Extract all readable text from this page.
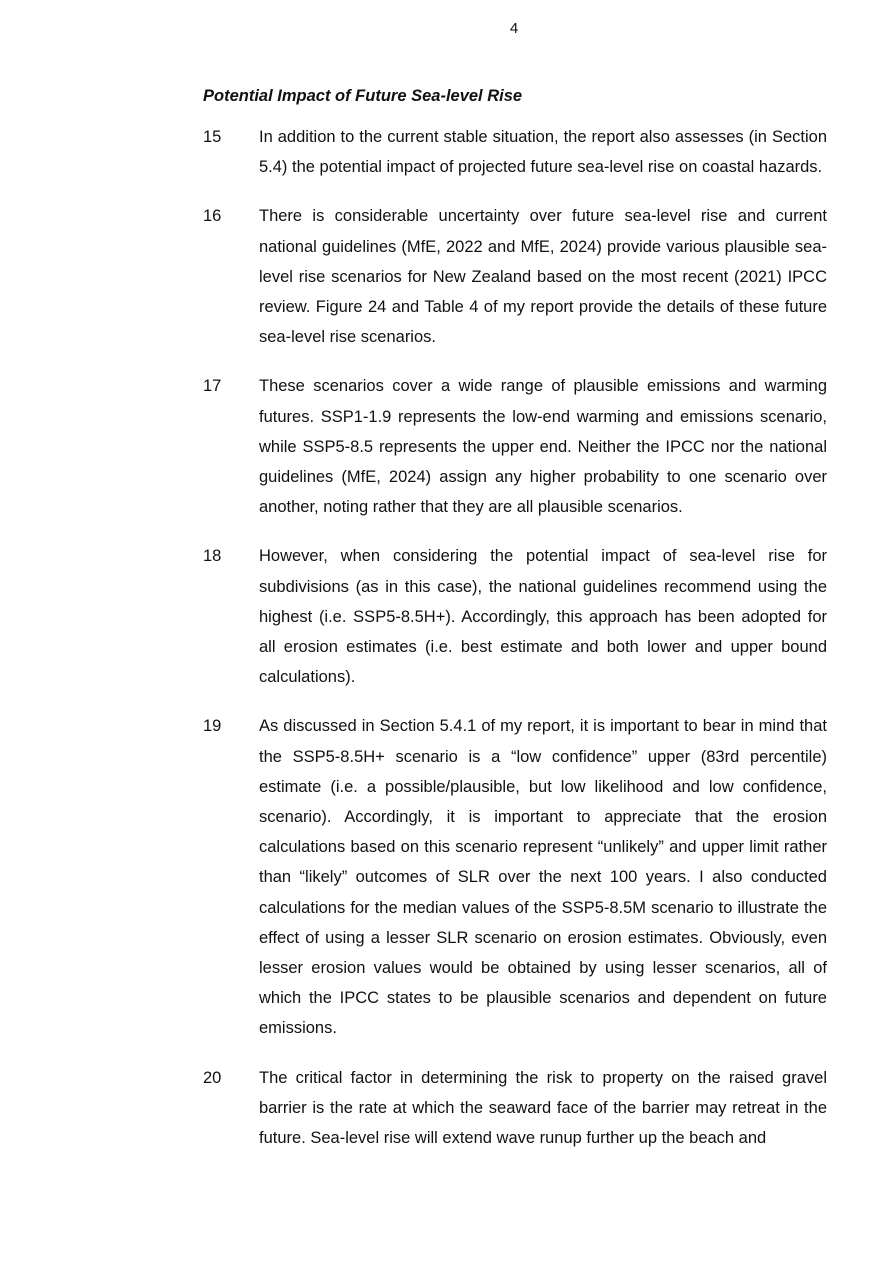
4
Potential Impact of Future Sea-level Rise
15 In addition to the current stable situation, the report also assesses (in Section 5.4) the potential impact of projected future sea-level rise on coastal hazards.

16 There is considerable uncertainty over future sea-level rise and current national guidelines (MfE, 2022 and MfE, 2024) provide various plausible sea-level rise scenarios for New Zealand based on the most recent (2021) IPCC review. Figure 24 and Table 4 of my report provide the details of these future sea-level rise scenarios.

17 These scenarios cover a wide range of plausible emissions and warming futures. SSP1-1.9 represents the low-end warming and emissions scenario, while SSP5-8.5 represents the upper end. Neither the IPCC nor the national guidelines (MfE, 2024) assign any higher probability to one scenario over another, noting rather that they are all plausible scenarios.

18 However, when considering the potential impact of sea-level rise for subdivisions (as in this case), the national guidelines recommend using the highest (i.e. SSP5-8.5H+). Accordingly, this approach has been adopted for all erosion estimates (i.e. best estimate and both lower and upper bound calculations).

19 As discussed in Section 5.4.1 of my report, it is important to bear in mind that the SSP5-8.5H+ scenario is a “low confidence” upper (83rd percentile) estimate (i.e. a possible/plausible, but low likelihood and low confidence, scenario). Accordingly, it is important to appreciate that the erosion calculations based on this scenario represent “unlikely” and upper limit rather than “likely” outcomes of SLR over the next 100 years. I also conducted calculations for the median values of the SSP5-8.5M scenario to illustrate the effect of using a lesser SLR scenario on erosion estimates. Obviously, even lesser erosion values would be obtained by using lesser scenarios, all of which the IPCC states to be plausible scenarios and dependent on future emissions.

20 The critical factor in determining the risk to property on the raised gravel barrier is the rate at which the seaward face of the barrier may retreat in the future. Sea-level rise will extend wave runup further up the beach and
